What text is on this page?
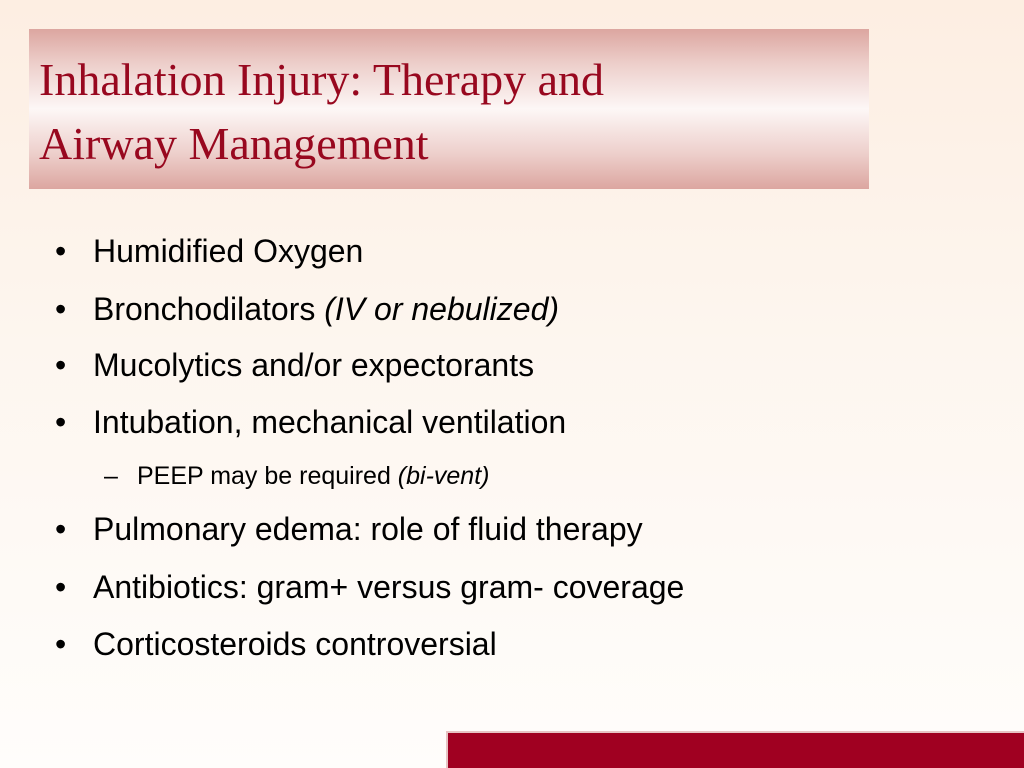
Inhalation Injury: Therapy and
Airway Management
• Humidified Oxygen
• Bronchodilators (IV or nebulized)
• Mucolytics and/or expectorants
• Intubation, mechanical ventilation
– PEEP may be required (bi-vent)
• Pulmonary edema: role of fluid therapy
• Antibiotics: gram+ versus gram- coverage
• Corticosteroids controversial
